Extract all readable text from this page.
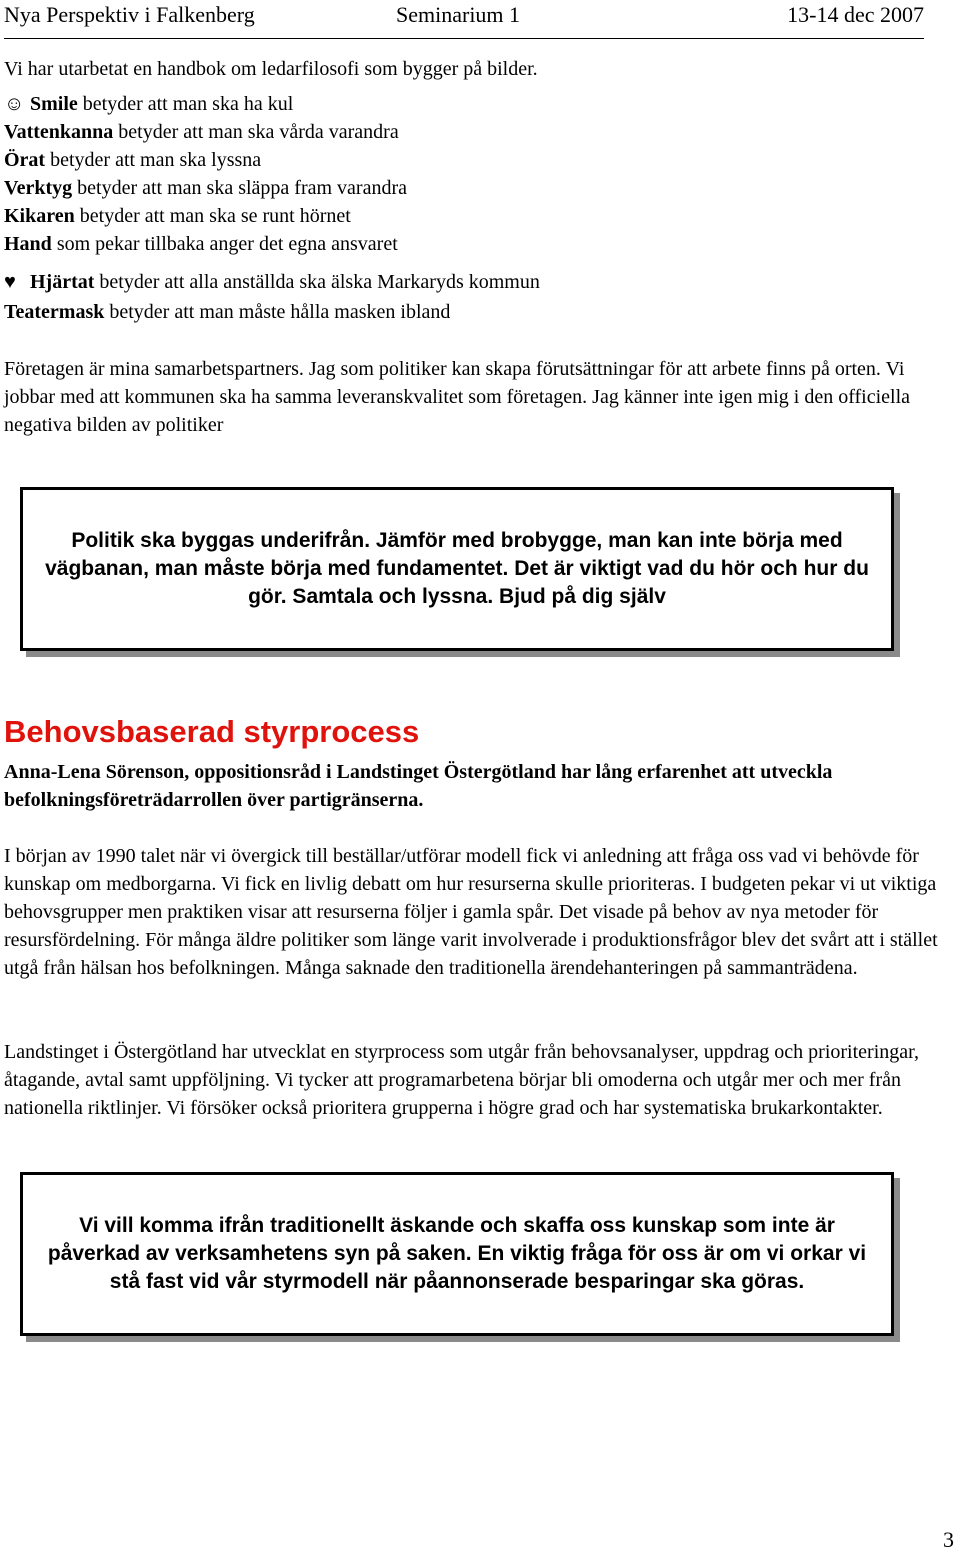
Nya Perspektiv i Falkenberg	Seminarium 1	13-14 dec 2007
Vi har utarbetat en handbok om ledarfilosofi som bygger på bilder.
☺ Smile betyder att man ska ha kul
Vattenkanna betyder att man ska vårda varandra
Örat betyder att man ska lyssna
Verktyg betyder att man ska släppa fram varandra
Kikaren betyder att man ska se runt hörnet
Hand som pekar tillbaka anger det egna ansvaret
♥ Hjärtat betyder att alla anställda ska älska Markaryds kommun
Teatermask betyder att man måste hålla masken ibland
Företagen är mina samarbetspartners. Jag som politiker kan skapa förutsättningar för att arbete finns på orten. Vi jobbar med att kommunen ska ha samma leveranskvalitet som företagen. Jag känner inte igen mig i den officiella negativa bilden av politiker
Politik ska byggas underifrån. Jämför med brobygge, man kan inte börja med vägbanan, man måste börja med fundamentet. Det är viktigt vad du hör och hur du gör. Samtala och lyssna. Bjud på dig själv
Behovsbaserad styrprocess
Anna-Lena Sörenson, oppositionsråd i Landstinget Östergötland har lång erfarenhet att utveckla befolkningsföreträdarrollen över partigränserna.
I början av 1990 talet när vi övergick till beställar/utförar modell fick vi anledning att fråga oss vad vi behövde för kunskap om medborgarna. Vi fick en livlig debatt om hur resurserna skulle prioriteras. I budgeten pekar vi ut viktiga behovsgrupper men praktiken visar att resurserna följer i gamla spår. Det visade på behov av nya metoder för resursfördelning. För många äldre politiker som länge varit involverade i produktionsfrågor blev det svårt att i stället utgå från hälsan hos befolkningen. Många saknade den traditionella ärendehanteringen på sammanträdena.
Landstinget i Östergötland har utvecklat en styrprocess som utgår från behovsanalyser, uppdrag och prioriteringar, åtagande, avtal samt uppföljning. Vi tycker att programarbetena börjar bli omoderna och utgår mer och mer från nationella riktlinjer. Vi försöker också prioritera grupperna i högre grad och har systematiska brukarkontakter.
Vi vill komma ifrån traditionellt äskande och skaffa oss kunskap som inte är påverkad av verksamhetens syn på saken. En viktig fråga för oss är om vi orkar vi stå fast vid vår styrmodell när påannonserade besparingar ska göras.
3
